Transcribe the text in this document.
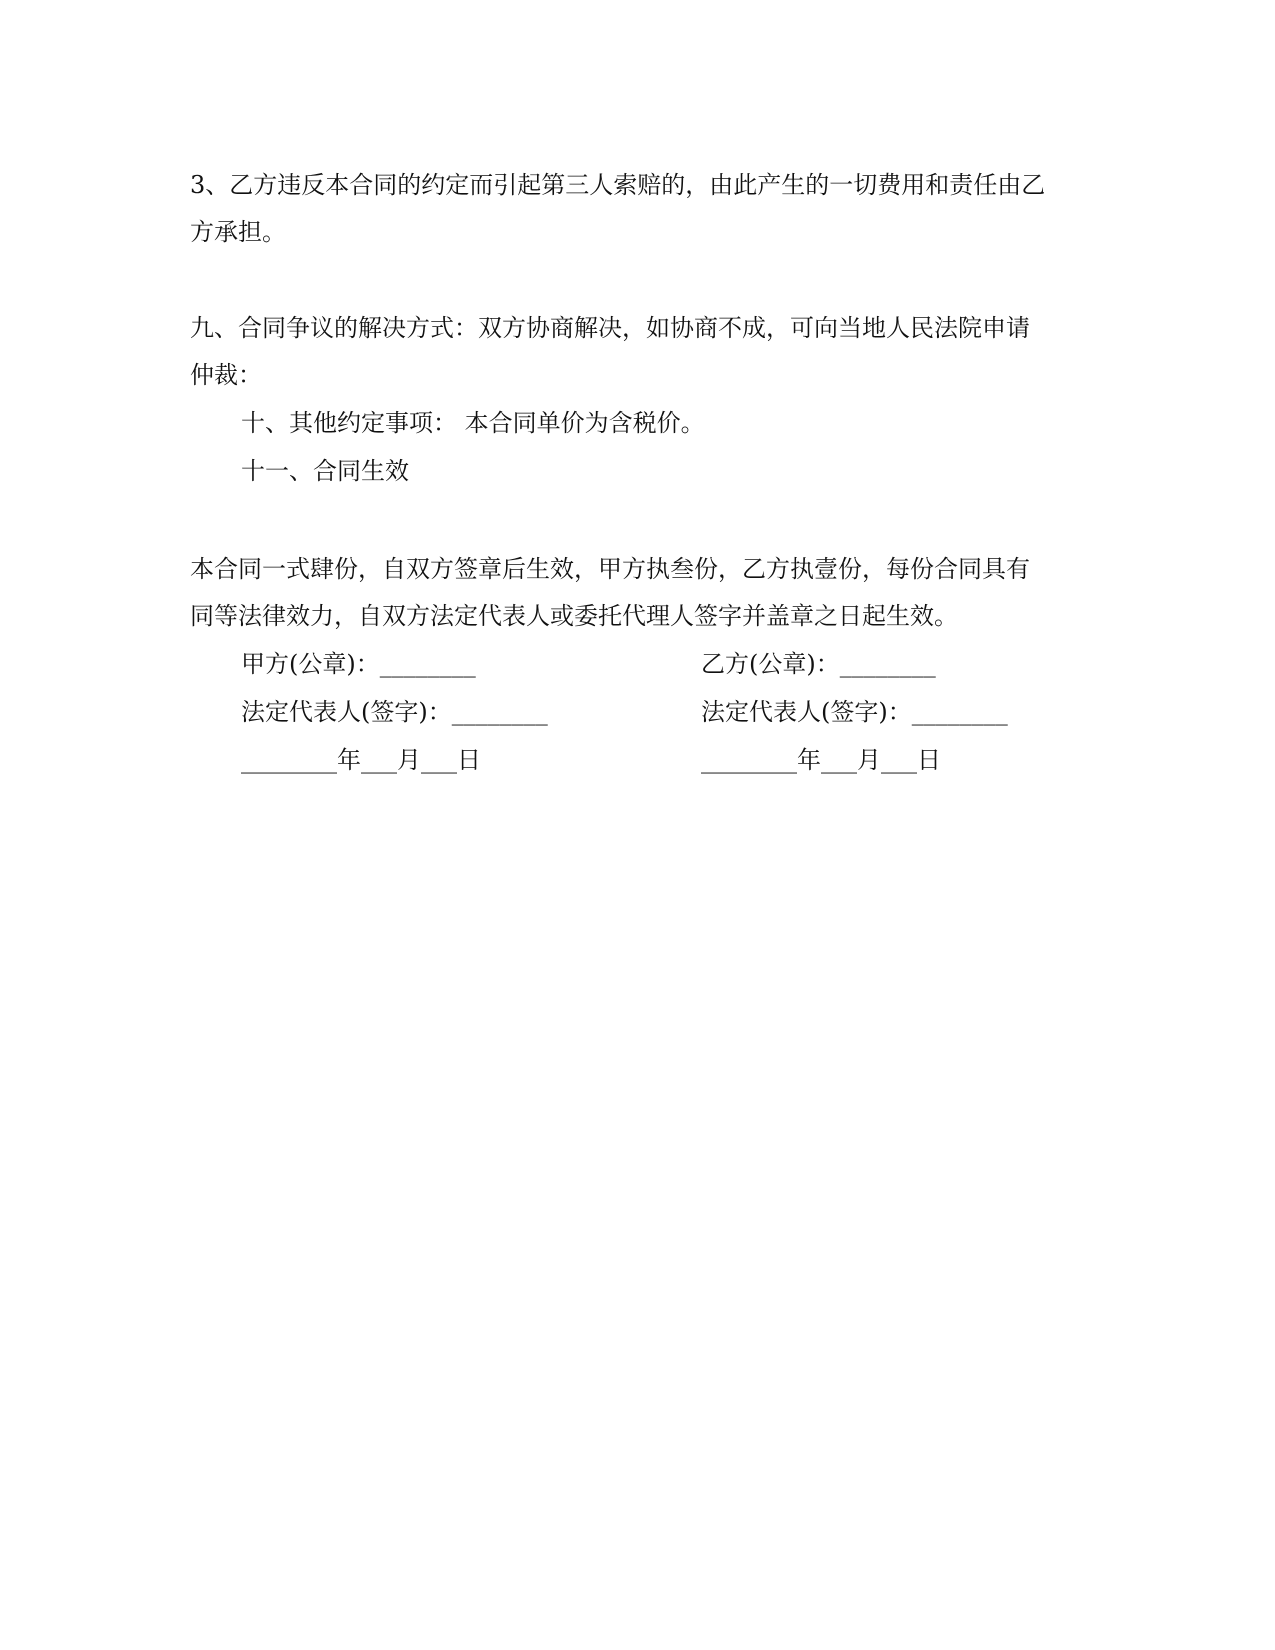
3、乙方违反本合同的约定而引起第三人索赔的，由此产生的一切费用和责任由乙
方承担。
九、合同争议的解决方式：双方协商解决，如协商不成，可向当地人民法院申请
仲裁：
十、其他约定事项： 本合同单价为含税价。
十一、合同生效
本合同一式肆份，自双方签章后生效，甲方执叁份，乙方执壹份，每份合同具有
同等法律效力，自双方法定代表人或委托代理人签字并盖章之日起生效。
甲方(公章)：________	乙方(公章)：________
法定代表人(签字)：________	法定代表人(签字)：________
________年___月___日	________年___月___日
